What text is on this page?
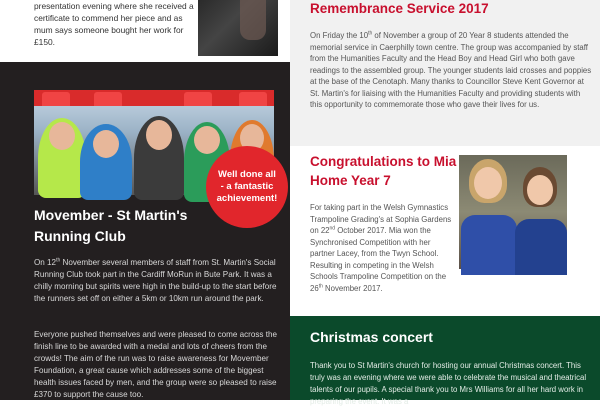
presentation evening where she received a certificate to commend her piece and as mum says someone bought her work for £150.

Well done all - a fantastic achievement!
Movember - St Martin's Running Club

On 12th November several members of staff from St. Martin's Social Running Club took part in the Cardiff MoRun in Bute Park. It was a chilly morning but spirits were high in the build-up to the start before the runners set off on either a 5km or 10km run around the park.

Everyone pushed themselves and were pleased to come across the finish line to be awarded with a medal and lots of cheers from the crowds! The aim of the run was to raise awareness for Movember Foundation, a great cause which addresses some of the biggest health issues faced by men, and the group were so pleased to raise £370 to support the cause too.

Remembrance Service 2017

On Friday the 10th of November a group of 20 Year 8 students attended the memorial service in Caerphilly town centre. The group was accompanied by staff from the Humanities Faculty and the Head Boy and Head Girl who both gave readings to the assembled group. The younger students laid crosses and poppies at the base of the Cenotaph. Many thanks to Councillor Steve Kent Governor at St. Martin's for liaising with the Humanities Faculty and providing students with this opportunity to commemorate those who gave their lives for us.

Congratulations to Mia Home Year 7

For taking part in the Welsh Gymnastics Trampoline Grading's at Sophia Gardens on 22nd October 2017. Mia won the Synchronised Competition with her partner Lacey, from the Twyn School. Resulting in competing in the Welsh Schools Trampoline Competition on the 26th November 2017.

Christmas concert

Thank you to St Martin's church for hosting our annual Christmas concert. This truly was an evening where we were able to celebrate the musical and theatrical talents of our pupils. A special thank you to Mrs Williams for all her hard work in preparing the event. It was a
